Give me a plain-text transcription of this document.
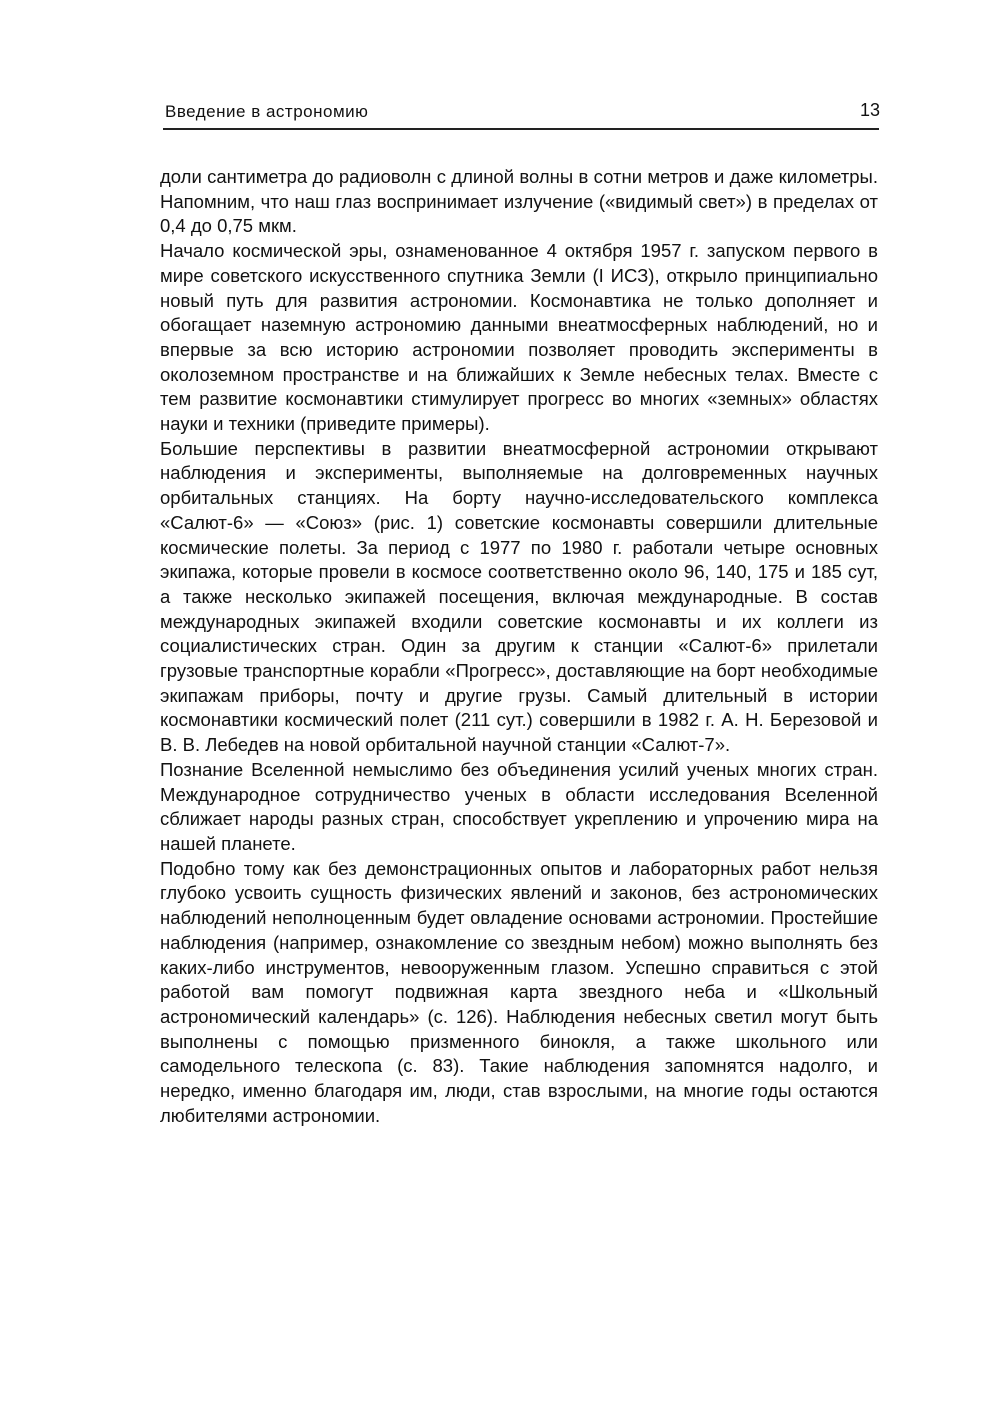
Введение в астрономию	13

доли сантиметра до радиоволн с длиной волны в сотни метров и даже километры. Напомним, что наш глаз воспринимает излучение («видимый свет») в пределах от 0,4 до 0,75 мкм.

Начало космической эры, ознаменованное 4 октября 1957 г. запуском первого в мире советского искусственного спутника Земли (I ИСЗ), открыло принципиально новый путь для развития астрономии. Космонавтика не только дополняет и обогащает наземную астрономию данными внеатмосферных наблюдений, но и впервые за всю историю астрономии позволяет проводить эксперименты в околоземном пространстве и на ближайших к Земле небесных телах. Вместе с тем развитие космонавтики стимулирует прогресс во многих «земных» областях науки и техники (приведите примеры).

Большие перспективы в развитии внеатмосферной астрономии открывают наблюдения и эксперименты, выполняемые на долговременных научных орбитальных станциях. На борту научно-исследовательского комплекса «Салют-6» — «Союз» (рис. 1) советские космонавты совершили длительные космические полеты. За период с 1977 по 1980 г. работали четыре основных экипажа, которые провели в космосе соответственно около 96, 140, 175 и 185 сут, а также несколько экипажей посещения, включая международные. В состав международных экипажей входили советские космонавты и их коллеги из социалистических стран. Один за другим к станции «Салют-6» прилетали грузовые транспортные корабли «Прогресс», доставляющие на борт необходимые экипажам приборы, почту и другие грузы. Самый длительный в истории космонавтики космический полет (211 сут.) совершили в 1982 г. А. Н. Березовой и В. В. Лебедев на новой орбитальной научной станции «Салют-7».

Познание Вселенной немыслимо без объединения усилий ученых многих стран. Международное сотрудничество ученых в области исследования Вселенной сближает народы разных стран, способствует укреплению и упрочению мира на нашей планете.

Подобно тому как без демонстрационных опытов и лабораторных работ нельзя глубоко усвоить сущность физических явлений и законов, без астрономических наблюдений неполноценным будет овладение основами астрономии. Простейшие наблюдения (например, ознакомление со звездным небом) можно выполнять без каких-либо инструментов, невооруженным глазом. Успешно справиться с этой работой вам помогут подвижная карта звездного неба и «Школьный астрономический календарь» (с. 126). Наблюдения небесных светил могут быть выполнены с помощью призменного бинокля, а также школьного или самодельного телескопа (с. 83). Такие наблюдения запомнятся надолго, и нередко, именно благодаря им, люди, став взрослыми, на многие годы остаются любителями астрономии.
